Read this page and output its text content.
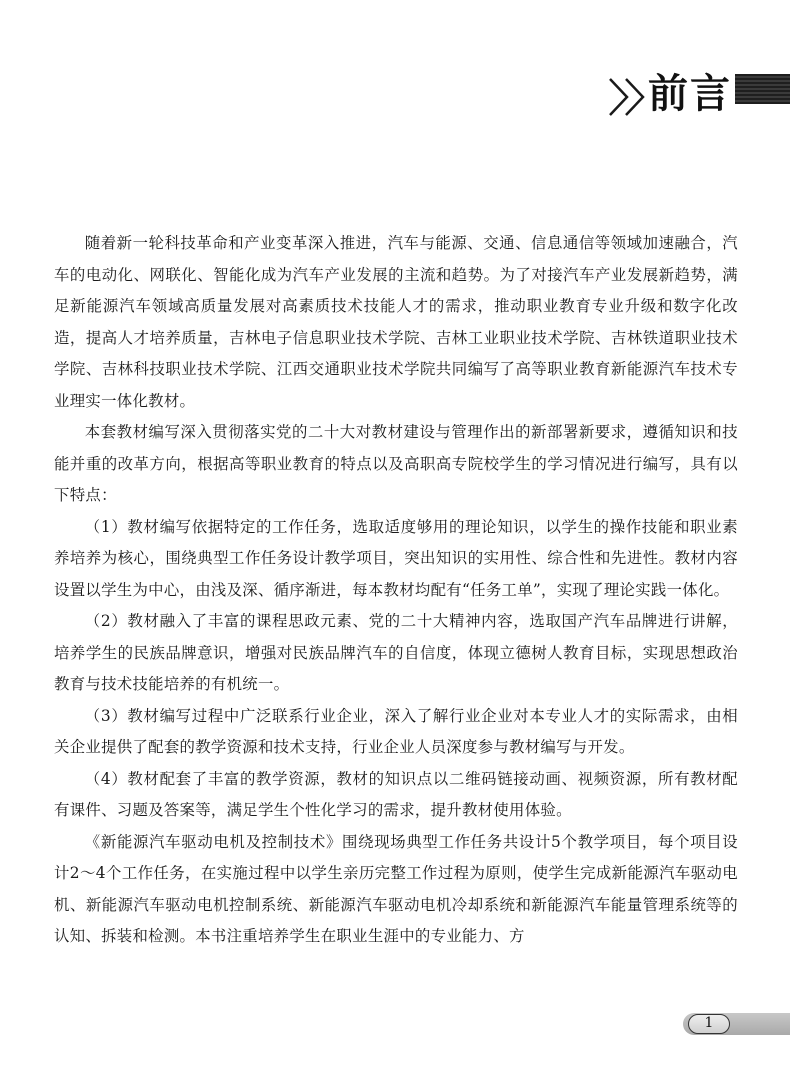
前言

随着新一轮科技革命和产业变革深入推进，汽车与能源、交通、信息通信等领域加速融合，汽车的电动化、网联化、智能化成为汽车产业发展的主流和趋势。为了对接汽车产业发展新趋势，满足新能源汽车领域高质量发展对高素质技术技能人才的需求，推动职业教育专业升级和数字化改造，提高人才培养质量，吉林电子信息职业技术学院、吉林工业职业技术学院、吉林铁道职业技术学院、吉林科技职业技术学院、江西交通职业技术学院共同编写了高等职业教育新能源汽车技术专业理实一体化教材。

本套教材编写深入贯彻落实党的二十大对教材建设与管理作出的新部署新要求，遵循知识和技能并重的改革方向，根据高等职业教育的特点以及高职高专院校学生的学习情况进行编写，具有以下特点：

（1）教材编写依据特定的工作任务，选取适度够用的理论知识，以学生的操作技能和职业素养培养为核心，围绕典型工作任务设计教学项目，突出知识的实用性、综合性和先进性。教材内容设置以学生为中心，由浅及深、循序渐进，每本教材均配有“任务工单”，实现了理论实践一体化。

（2）教材融入了丰富的课程思政元素、党的二十大精神内容，选取国产汽车品牌进行讲解，培养学生的民族品牌意识，增强对民族品牌汽车的自信度，体现立德树人教育目标，实现思想政治教育与技术技能培养的有机统一。

（3）教材编写过程中广泛联系行业企业，深入了解行业企业对本专业人才的实际需求，由相关企业提供了配套的教学资源和技术支持，行业企业人员深度参与教材编写与开发。

（4）教材配套了丰富的教学资源，教材的知识点以二维码链接动画、视频资源，所有教材配有课件、习题及答案等，满足学生个性化学习的需求，提升教材使用体验。

《新能源汽车驱动电机及控制技术》围绕现场典型工作任务共设计5个教学项目，每个项目设计2～4个工作任务，在实施过程中以学生亲历完整工作过程为原则，使学生完成新能源汽车驱动电机、新能源汽车驱动电机控制系统、新能源汽车驱动电机冷却系统和新能源汽车能量管理系统等的认知、拆装和检测。本书注重培养学生在职业生涯中的专业能力、方

1
